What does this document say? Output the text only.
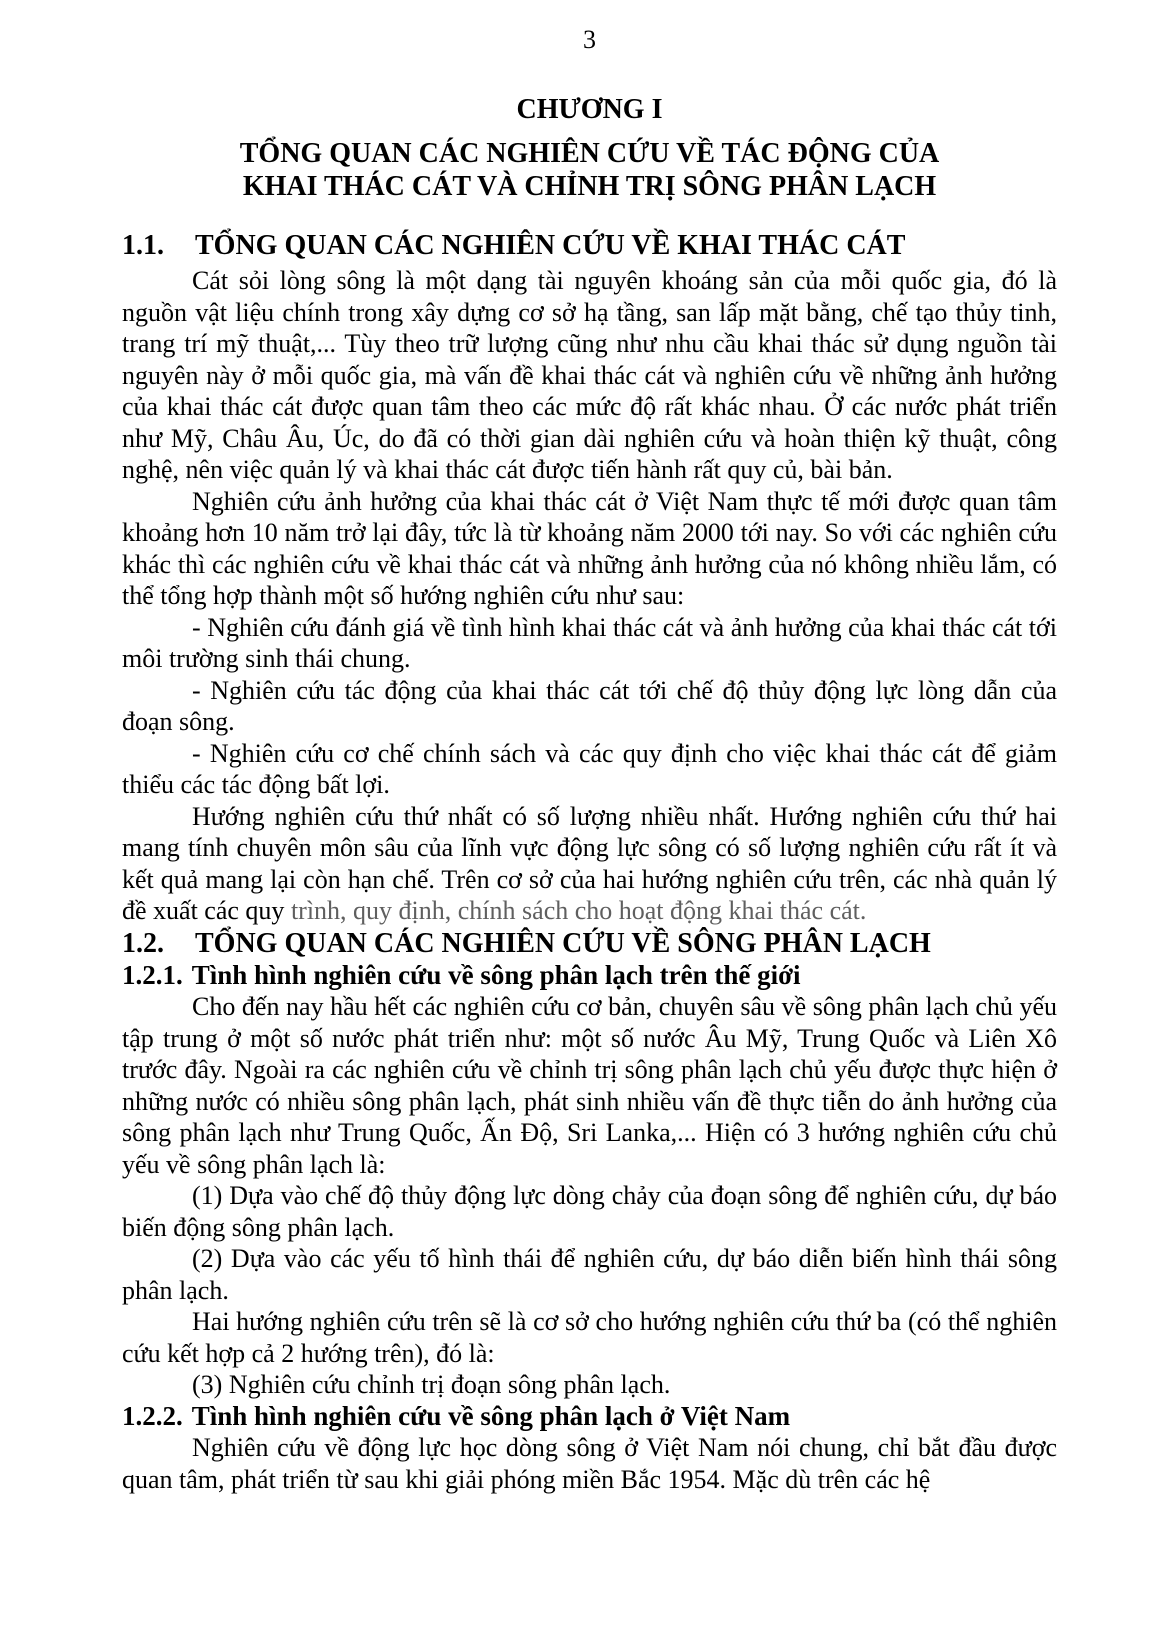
3
CHƯƠNG I
TỔNG QUAN CÁC NGHIÊN CỨU VỀ TÁC ĐỘNG CỦA
KHAI THÁC CÁT VÀ CHỈNH TRỊ SÔNG PHÂN LẠCH
1.1. TỔNG QUAN CÁC NGHIÊN CỨU VỀ KHAI THÁC CÁT

Cát sỏi lòng sông là một dạng tài nguyên khoáng sản của mỗi quốc gia, đó là nguồn vật liệu chính trong xây dựng cơ sở hạ tầng, san lấp mặt bằng, chế tạo thủy tinh, trang trí mỹ thuật,... Tùy theo trữ lượng cũng như nhu cầu khai thác sử dụng nguồn tài nguyên này ở mỗi quốc gia, mà vấn đề khai thác cát và nghiên cứu về những ảnh hưởng của khai thác cát được quan tâm theo các mức độ rất khác nhau. Ở các nước phát triển như Mỹ, Châu Âu, Úc, do đã có thời gian dài nghiên cứu và hoàn thiện kỹ thuật, công nghệ, nên việc quản lý và khai thác cát được tiến hành rất quy củ, bài bản.

Nghiên cứu ảnh hưởng của khai thác cát ở Việt Nam thực tế mới được quan tâm khoảng hơn 10 năm trở lại đây, tức là từ khoảng năm 2000 tới nay. So với các nghiên cứu khác thì các nghiên cứu về khai thác cát và những ảnh hưởng của nó không nhiều lắm, có thể tổng hợp thành một số hướng nghiên cứu như sau:

- Nghiên cứu đánh giá về tình hình khai thác cát và ảnh hưởng của khai thác cát tới môi trường sinh thái chung.

- Nghiên cứu tác động của khai thác cát tới chế độ thủy động lực lòng dẫn của đoạn sông.

- Nghiên cứu cơ chế chính sách và các quy định cho việc khai thác cát để giảm thiểu các tác động bất lợi.

Hướng nghiên cứu thứ nhất có số lượng nhiều nhất. Hướng nghiên cứu thứ hai mang tính chuyên môn sâu của lĩnh vực động lực sông có số lượng nghiên cứu rất ít và kết quả mang lại còn hạn chế. Trên cơ sở của hai hướng nghiên cứu trên, các nhà quản lý đề xuất các quy trình, quy định, chính sách cho hoạt động khai thác cát.

1.2. TỔNG QUAN CÁC NGHIÊN CỨU VỀ SÔNG PHÂN LẠCH

1.2.1. Tình hình nghiên cứu về sông phân lạch trên thế giới

Cho đến nay hầu hết các nghiên cứu cơ bản, chuyên sâu về sông phân lạch chủ yếu tập trung ở một số nước phát triển như: một số nước Âu Mỹ, Trung Quốc và Liên Xô trước đây. Ngoài ra các nghiên cứu về chỉnh trị sông phân lạch chủ yếu được thực hiện ở những nước có nhiều sông phân lạch, phát sinh nhiều vấn đề thực tiễn do ảnh hưởng của sông phân lạch như Trung Quốc, Ấn Độ, Sri Lanka,... Hiện có 3 hướng nghiên cứu chủ yếu về sông phân lạch là:

(1) Dựa vào chế độ thủy động lực dòng chảy của đoạn sông để nghiên cứu, dự báo biến động sông phân lạch.

(2) Dựa vào các yếu tố hình thái để nghiên cứu, dự báo diễn biến hình thái sông phân lạch.

Hai hướng nghiên cứu trên sẽ là cơ sở cho hướng nghiên cứu thứ ba (có thể nghiên cứu kết hợp cả 2 hướng trên), đó là:

(3) Nghiên cứu chỉnh trị đoạn sông phân lạch.

1.2.2. Tình hình nghiên cứu về sông phân lạch ở Việt Nam

Nghiên cứu về động lực học dòng sông ở Việt Nam nói chung, chỉ bắt đầu được quan tâm, phát triển từ sau khi giải phóng miền Bắc 1954. Mặc dù trên các hệ
